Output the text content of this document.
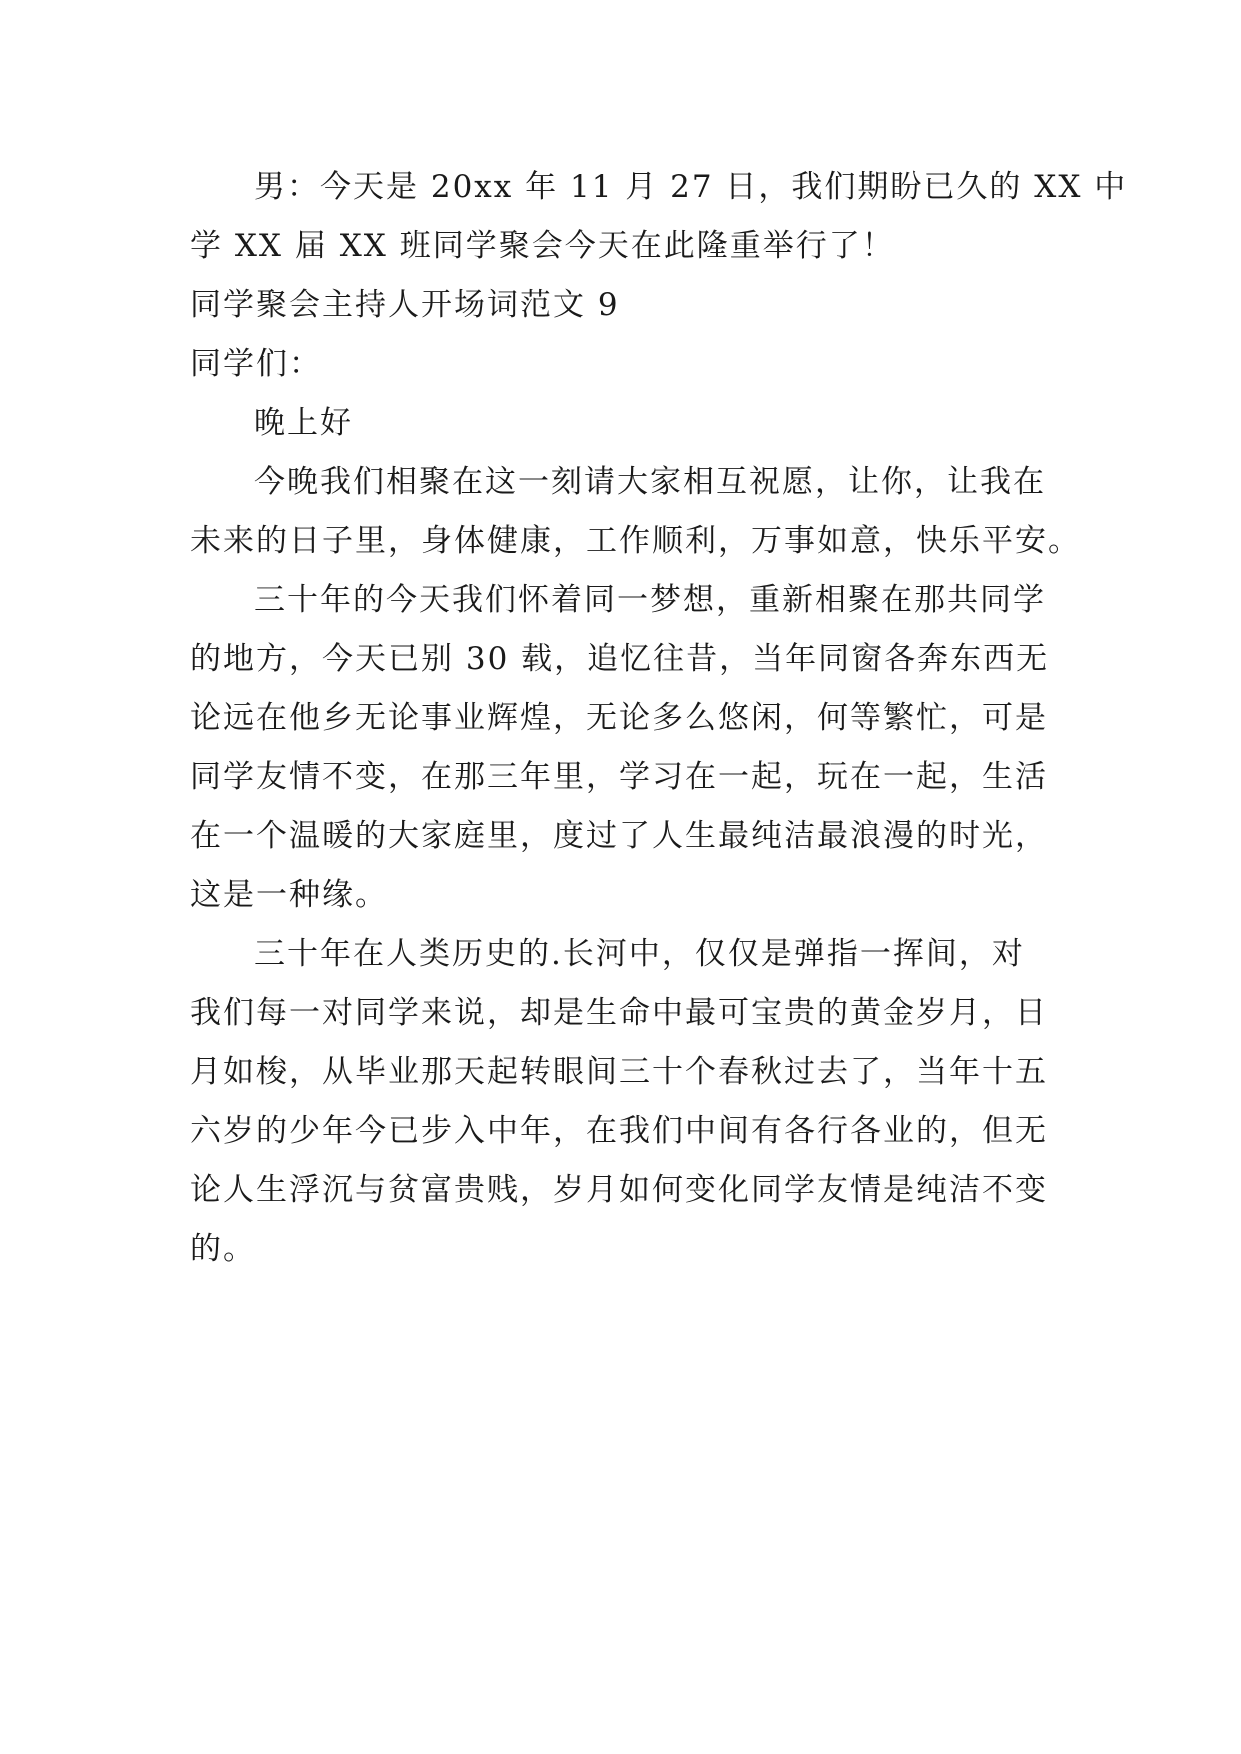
男：今天是 20xx 年 11 月 27 日，我们期盼已久的 XX 中

学 XX 届 XX 班同学聚会今天在此隆重举行了！

同学聚会主持人开场词范文 9

同学们：

晚上好

今晚我们相聚在这一刻请大家相互祝愿，让你，让我在

未来的日子里，身体健康，工作顺利，万事如意，快乐平安。

三十年的今天我们怀着同一梦想，重新相聚在那共同学

的地方，今天已别 30 载，追忆往昔，当年同窗各奔东西无

论远在他乡无论事业辉煌，无论多么悠闲，何等繁忙，可是

同学友情不变，在那三年里，学习在一起，玩在一起，生活

在一个温暖的大家庭里，度过了人生最纯洁最浪漫的时光，

这是一种缘。

三十年在人类历史的.长河中，仅仅是弹指一挥间，对

我们每一对同学来说，却是生命中最可宝贵的黄金岁月，日

月如梭，从毕业那天起转眼间三十个春秋过去了，当年十五

六岁的少年今已步入中年，在我们中间有各行各业的，但无

论人生浮沉与贫富贵贱，岁月如何变化同学友情是纯洁不变

的。
